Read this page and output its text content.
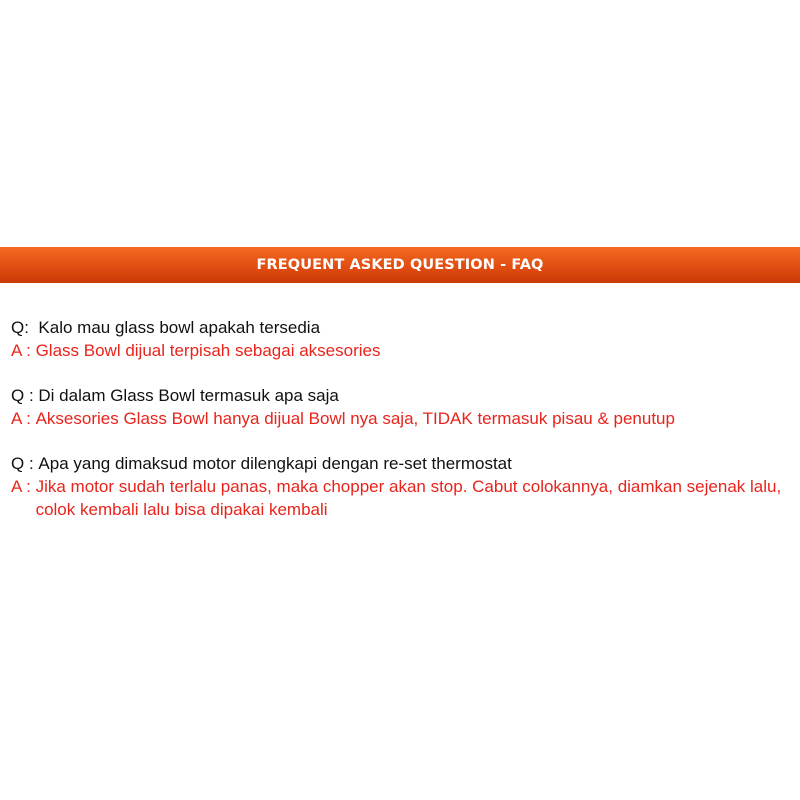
FREQUENT ASKED QUESTION - FAQ
Q: Kalo mau glass bowl apakah tersedia
A : Glass Bowl dijual terpisah sebagai aksesories
Q : Di dalam Glass Bowl termasuk apa saja
A : Aksesories Glass Bowl hanya dijual Bowl nya saja, TIDAK termasuk pisau & penutup
Q : Apa yang dimaksud motor dilengkapi dengan re-set thermostat
A : Jika motor sudah terlalu panas, maka chopper akan stop. Cabut colokannya, diamkan sejenak lalu, colok kembali lalu bisa dipakai kembali
